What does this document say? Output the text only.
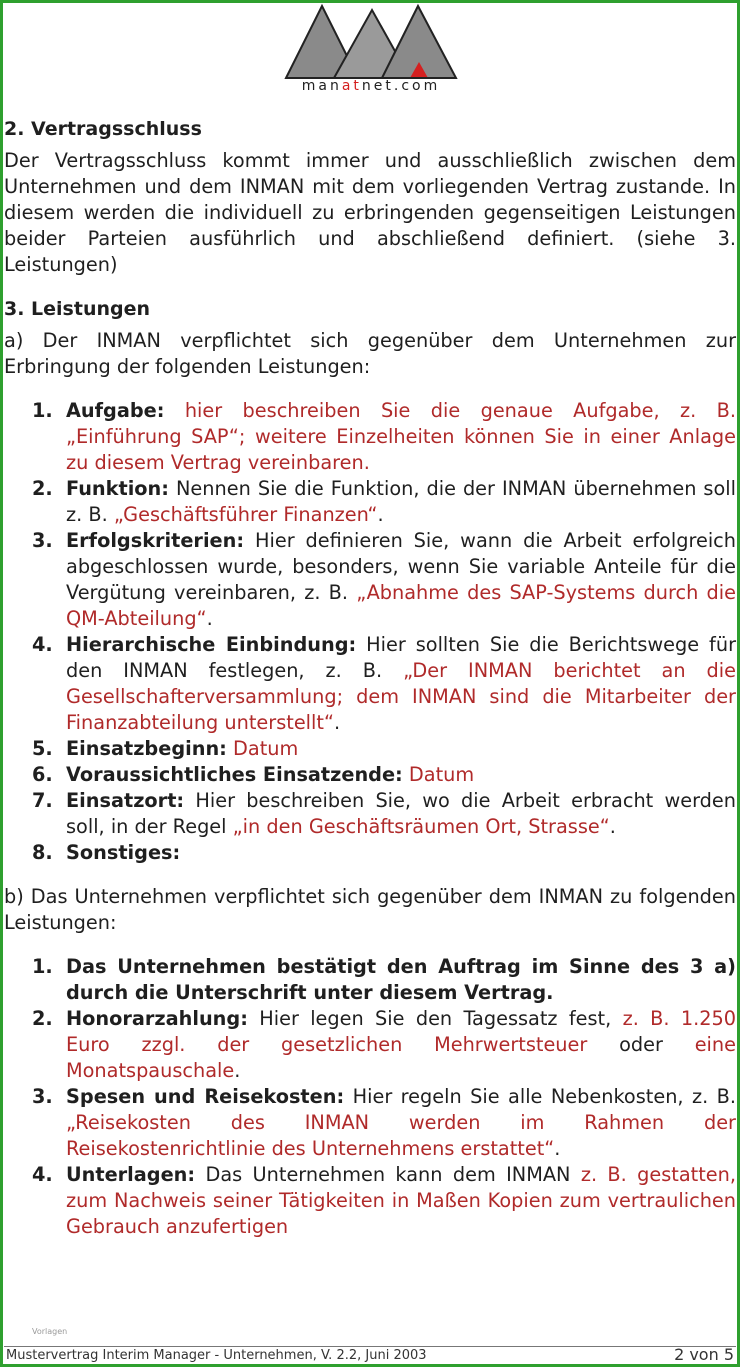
manatnet.com
2. Vertragsschluss

Der Vertragsschluss kommt immer und ausschließlich zwischen dem Unternehmen und dem INMAN mit dem vorliegenden Vertrag zustande. In diesem werden die individuell zu erbringenden gegenseitigen Leistungen beider Parteien ausführlich und abschließend definiert. (siehe 3. Leistungen)

3. Leistungen

a) Der INMAN verpflichtet sich gegenüber dem Unternehmen zur Erbringung der folgenden Leistungen:

1. Aufgabe: hier beschreiben Sie die genaue Aufgabe, z. B. „Einführung SAP“; weitere Einzelheiten können Sie in einer Anlage zu diesem Vertrag vereinbaren.
2. Funktion: Nennen Sie die Funktion, die der INMAN übernehmen soll z. B. „Geschäftsführer Finanzen“.
3. Erfolgskriterien: Hier definieren Sie, wann die Arbeit erfolgreich abgeschlossen wurde, besonders, wenn Sie variable Anteile für die Vergütung vereinbaren, z. B. „Abnahme des SAP-Systems durch die QM-Abteilung“.
4. Hierarchische Einbindung: Hier sollten Sie die Berichtswege für den INMAN festlegen, z. B. „Der INMAN berichtet an die Gesellschafterversammlung; dem INMAN sind die Mitarbeiter der Finanzabteilung unterstellt“.
5. Einsatzbeginn: Datum
6. Voraussichtliches Einsatzende: Datum
7. Einsatzort: Hier beschreiben Sie, wo die Arbeit erbracht werden soll, in der Regel „in den Geschäftsräumen Ort, Strasse“.
8. Sonstiges:

b) Das Unternehmen verpflichtet sich gegenüber dem INMAN zu folgenden Leistungen:

1. Das Unternehmen bestätigt den Auftrag im Sinne des 3 a) durch die Unterschrift unter diesem Vertrag.
2. Honorarzahlung: Hier legen Sie den Tagessatz fest, z. B. 1.250 Euro zzgl. der gesetzlichen Mehrwertsteuer oder eine Monatspauschale.
3. Spesen und Reisekosten: Hier regeln Sie alle Nebenkosten, z. B. „Reisekosten des INMAN werden im Rahmen der Reisekostenrichtlinie des Unternehmens erstattet“.
4. Unterlagen: Das Unternehmen kann dem INMAN z. B. gestatten, zum Nachweis seiner Tätigkeiten in Maßen Kopien zum vertraulichen Gebrauch anzufertigen
Vorlagen
Mustervertrag Interim Manager - Unternehmen, V. 2.2, Juni 2003	2 von 5
